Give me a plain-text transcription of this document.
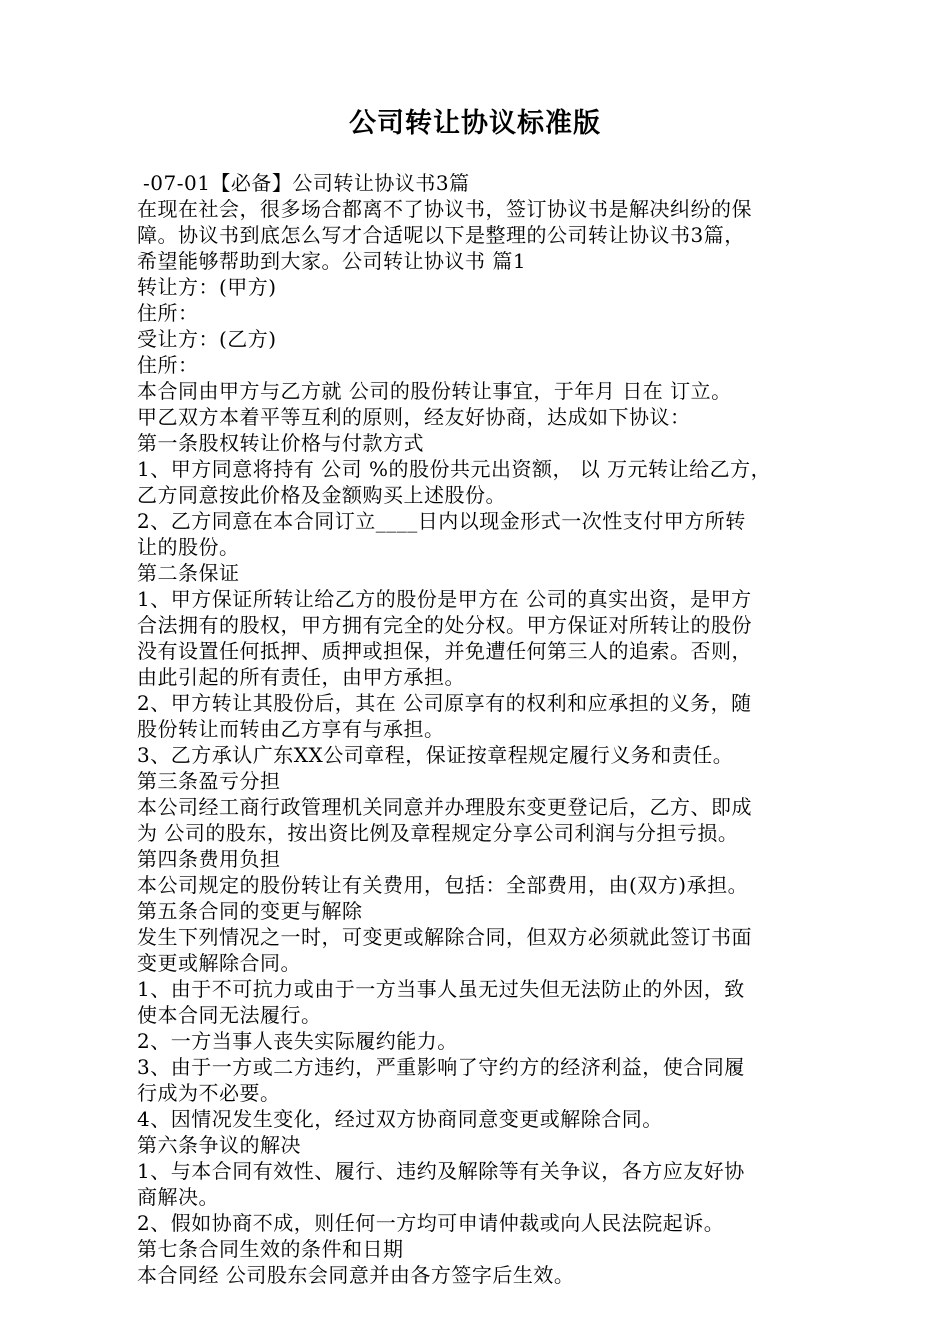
公司转让协议标准版
-07-01【必备】公司转让协议书3篇
在现在社会，很多场合都离不了协议书，签订协议书是解决纠纷的保
障。协议书到底怎么写才合适呢以下是整理的公司转让协议书3篇，
希望能够帮助到大家。公司转让协议书 篇1
转让方：(甲方)
住所：
受让方：(乙方)
住所：
本合同由甲方与乙方就 公司的股份转让事宜，于年月 日在 订立。
甲乙双方本着平等互利的原则，经友好协商，达成如下协议：
第一条股权转让价格与付款方式
1、甲方同意将持有 公司 %的股份共元出资额， 以 万元转让给乙方，
乙方同意按此价格及金额购买上述股份。
2、乙方同意在本合同订立____日内以现金形式一次性支付甲方所转
让的股份。
第二条保证
1、甲方保证所转让给乙方的股份是甲方在 公司的真实出资，是甲方
合法拥有的股权，甲方拥有完全的处分权。甲方保证对所转让的股份
没有设置任何抵押、质押或担保，并免遭任何第三人的追索。否则，
由此引起的所有责任，由甲方承担。
2、甲方转让其股份后，其在 公司原享有的权利和应承担的义务，随
股份转让而转由乙方享有与承担。
3、乙方承认广东XX公司章程，保证按章程规定履行义务和责任。
第三条盈亏分担
本公司经工商行政管理机关同意并办理股东变更登记后，乙方、即成
为 公司的股东，按出资比例及章程规定分享公司利润与分担亏损。
第四条费用负担
本公司规定的股份转让有关费用，包括：全部费用，由(双方)承担。
第五条合同的变更与解除
发生下列情况之一时，可变更或解除合同，但双方必须就此签订书面
变更或解除合同。
1、由于不可抗力或由于一方当事人虽无过失但无法防止的外因，致
使本合同无法履行。
2、一方当事人丧失实际履约能力。
3、由于一方或二方违约，严重影响了守约方的经济利益，使合同履
行成为不必要。
4、因情况发生变化，经过双方协商同意变更或解除合同。
第六条争议的解决
1、与本合同有效性、履行、违约及解除等有关争议，各方应友好协
商解决。
2、假如协商不成，则任何一方均可申请仲裁或向人民法院起诉。
第七条合同生效的条件和日期
本合同经 公司股东会同意并由各方签字后生效。
